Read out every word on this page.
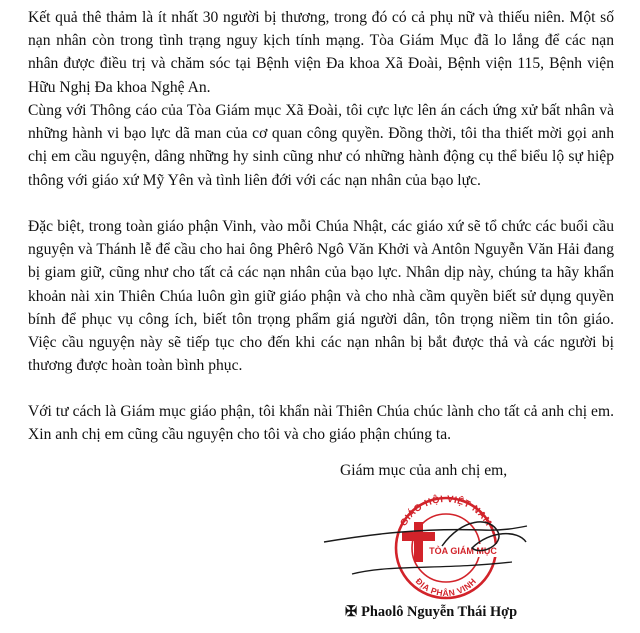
Kết quả thê thảm là ít nhất 30 người bị thương, trong đó có cả phụ nữ và thiếu niên. Một số nạn nhân còn trong tình trạng nguy kịch tính mạng. Tòa Giám Mục đã lo lắng để các nạn nhân được điều trị và chăm sóc tại Bệnh viện Đa khoa Xã Đoài, Bệnh viện 115, Bệnh viện Hữu Nghị Đa khoa Nghệ An.

Cùng với Thông cáo của Tòa Giám mục Xã Đoài, tôi cực lực lên án cách ứng xử bất nhân và những hành vi bạo lực dã man của cơ quan công quyền. Đồng thời, tôi tha thiết mời gọi anh chị em cầu nguyện, dâng những hy sinh cũng như có những hành động cụ thể biểu lộ sự hiệp thông với giáo xứ Mỹ Yên và tình liên đới với các nạn nhân của bạo lực.

Đặc biệt, trong toàn giáo phận Vinh, vào mỗi Chúa Nhật, các giáo xứ sẽ tổ chức các buổi cầu nguyện và Thánh lễ để cầu cho hai ông Phêrô Ngô Văn Khởi và Antôn Nguyễn Văn Hải đang bị giam giữ, cũng như cho tất cả các nạn nhân của bạo lực. Nhân dịp này, chúng ta hãy khẩn khoản nài xin Thiên Chúa luôn gìn giữ giáo phận và cho nhà cầm quyền biết sử dụng quyền bính để phục vụ công ích, biết tôn trọng phẩm giá người dân, tôn trọng niềm tin tôn giáo. Việc cầu nguyện này sẽ tiếp tục cho đến khi các nạn nhân bị bắt được thả và các người bị thương được hoàn toàn bình phục.

Với tư cách là Giám mục giáo phận, tôi khẩn nài Thiên Chúa chúc lành cho tất cả anh chị em. Xin anh chị em cũng cầu nguyện cho tôi và cho giáo phận chúng ta.

Giám mục của anh chị em,

GIÁO HỘI VIỆT NAM
ĐỊA PHẬN VINH
TÒA GIÁM MỤC

✠ Phaolô Nguyễn Thái Hợp
